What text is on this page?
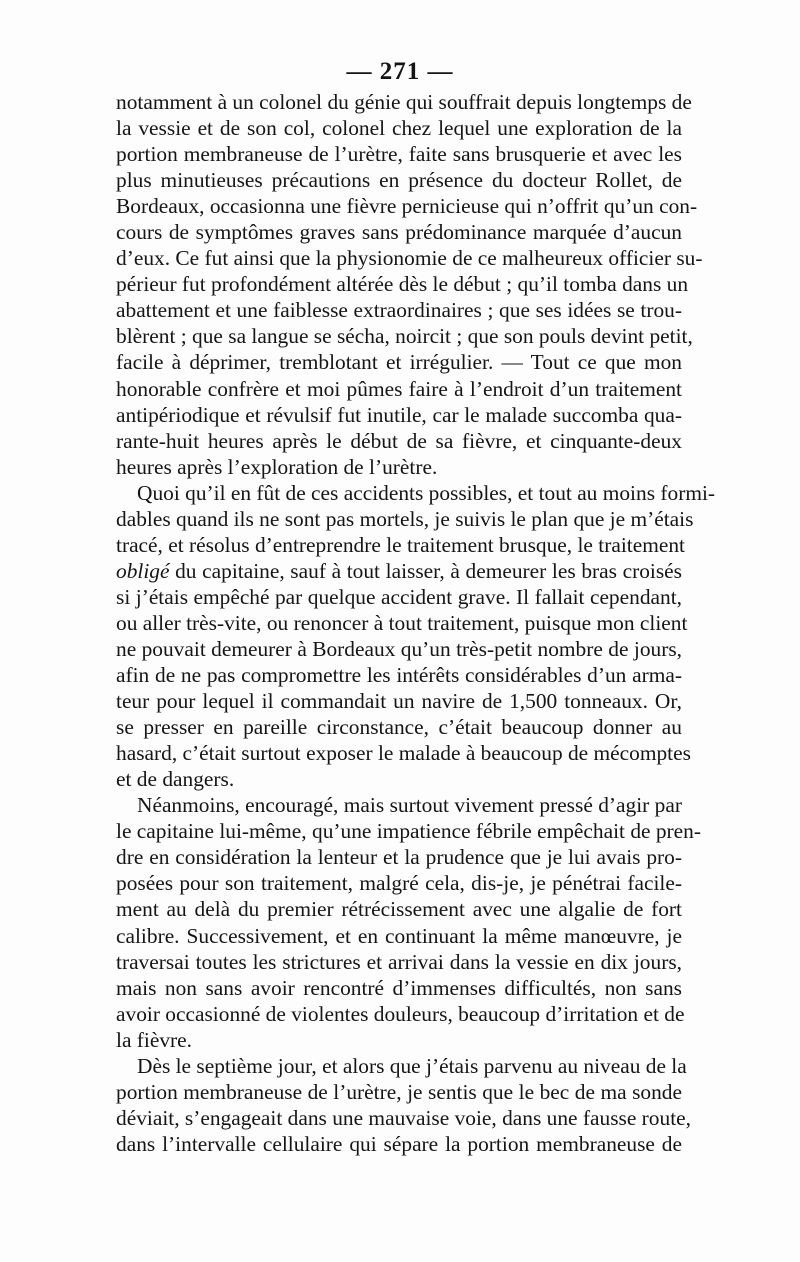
— 271 —

notamment à un colonel du génie qui souffrait depuis longtemps de
la vessie et de son col, colonel chez lequel une exploration de la
portion membraneuse de l’urètre, faite sans brusquerie et avec les
plus minutieuses précautions en présence du docteur Rollet, de
Bordeaux, occasionna une fièvre pernicieuse qui n’offrit qu’un con-
cours de symptômes graves sans prédominance marquée d’aucun
d’eux. Ce fut ainsi que la physionomie de ce malheureux officier su-
périeur fut profondément altérée dès le début ; qu’il tomba dans un
abattement et une faiblesse extraordinaires ; que ses idées se trou-
blèrent ; que sa langue se sécha, noircit ; que son pouls devint petit,
facile à déprimer, tremblotant et irrégulier. — Tout ce que mon
honorable confrère et moi pûmes faire à l’endroit d’un traitement
antipériodique et révulsif fut inutile, car le malade succomba qua-
rante-huit heures après le début de sa fièvre, et cinquante-deux
heures après l’exploration de l’urètre.

Quoi qu’il en fût de ces accidents possibles, et tout au moins formi-
dables quand ils ne sont pas mortels, je suivis le plan que je m’étais
tracé, et résolus d’entreprendre le traitement brusque, le traitement
obligé du capitaine, sauf à tout laisser, à demeurer les bras croisés
si j’étais empêché par quelque accident grave. Il fallait cependant,
ou aller très-vite, ou renoncer à tout traitement, puisque mon client
ne pouvait demeurer à Bordeaux qu’un très-petit nombre de jours,
afin de ne pas compromettre les intérêts considérables d’un arma-
teur pour lequel il commandait un navire de 1,500 tonneaux. Or,
se presser en pareille circonstance, c’était beaucoup donner au
hasard, c’était surtout exposer le malade à beaucoup de mécomptes
et de dangers.

Néanmoins, encouragé, mais surtout vivement pressé d’agir par
le capitaine lui-même, qu’une impatience fébrile empêchait de pren-
dre en considération la lenteur et la prudence que je lui avais pro-
posées pour son traitement, malgré cela, dis-je, je pénétrai facile-
ment au delà du premier rétrécissement avec une algalie de fort
calibre. Successivement, et en continuant la même manœuvre, je
traversai toutes les strictures et arrivai dans la vessie en dix jours,
mais non sans avoir rencontré d’immenses difficultés, non sans
avoir occasionné de violentes douleurs, beaucoup d’irritation et de
la fièvre.

Dès le septième jour, et alors que j’étais parvenu au niveau de la
portion membraneuse de l’urètre, je sentis que le bec de ma sonde
déviait, s’engageait dans une mauvaise voie, dans une fausse route,
dans l’intervalle cellulaire qui sépare la portion membraneuse de
